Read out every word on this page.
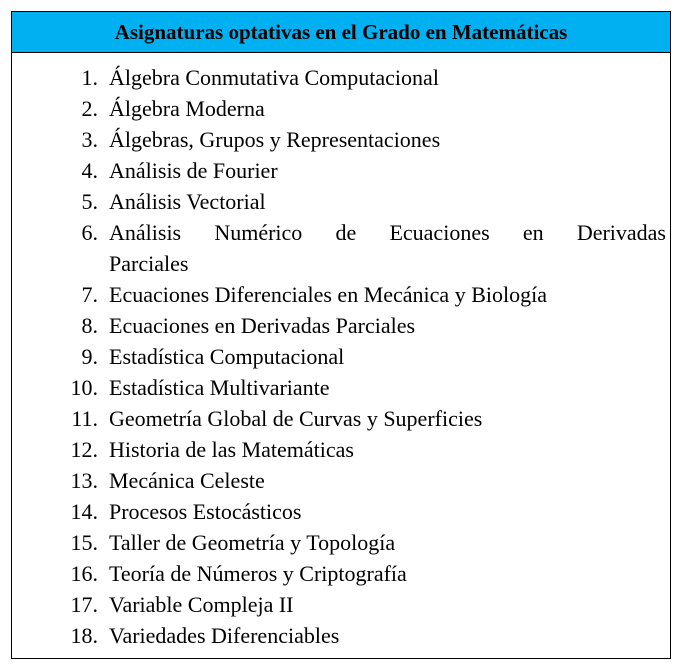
Asignaturas optativas en el Grado en Matemáticas
1. Álgebra Conmutativa Computacional
2. Álgebra Moderna
3. Álgebras, Grupos y Representaciones
4. Análisis de Fourier
5. Análisis Vectorial
6. Análisis Numérico de Ecuaciones en Derivadas
Parciales
7. Ecuaciones Diferenciales en Mecánica y Biología
8. Ecuaciones en Derivadas Parciales
9. Estadística Computacional
10. Estadística Multivariante
11. Geometría Global de Curvas y Superficies
12. Historia de las Matemáticas
13. Mecánica Celeste
14. Procesos Estocásticos
15. Taller de Geometría y Topología
16. Teoría de Números y Criptografía
17. Variable Compleja II
18. Variedades Diferenciables
